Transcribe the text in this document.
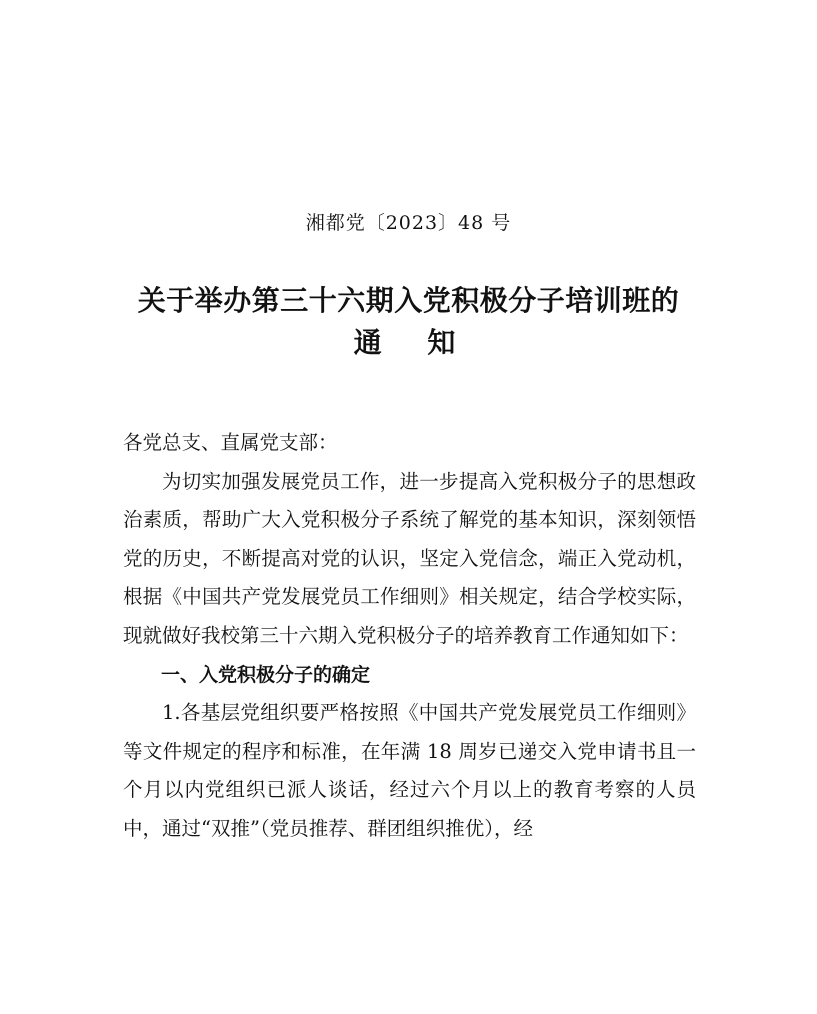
湘都党〔2023〕48 号
关于举办第三十六期入党积极分子培训班的
通 知

各党总支、直属党支部：

为切实加强发展党员工作，进一步提高入党积极分子的思想政治素质，帮助广大入党积极分子系统了解党的基本知识，深刻领悟党的历史，不断提高对党的认识，坚定入党信念，端正入党动机，根据《中国共产党发展党员工作细则》相关规定，结合学校实际，现就做好我校第三十六期入党积极分子的培养教育工作通知如下：

一、入党积极分子的确定

1.各基层党组织要严格按照《中国共产党发展党员工作细则》等文件规定的程序和标准，在年满 18 周岁已递交入党申请书且一个月以内党组织已派人谈话，经过六个月以上的教育考察的人员中，通过“双推”（党员推荐、群团组织推优），经
